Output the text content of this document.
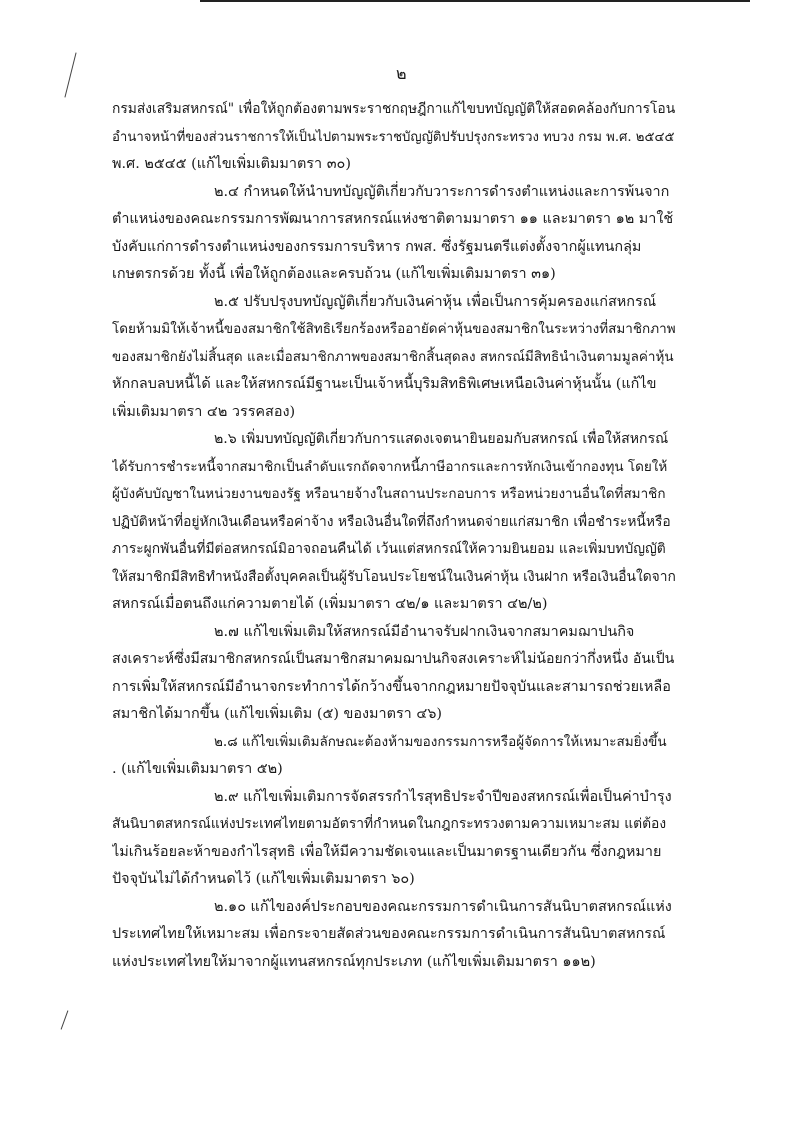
๒
กรมส่งเสริมสหกรณ์" เพื่อให้ถูกต้องตามพระราชกฤษฎีกาแก้ไขบทบัญญัติให้สอดคล้องกับการโอน
อำนาจหน้าที่ของส่วนราชการให้เป็นไปตามพระราชบัญญัติปรับปรุงกระทรวง ทบวง กรม พ.ศ. ๒๕๔๕
พ.ศ. ๒๕๔๕ (แก้ไขเพิ่มเติมมาตรา ๓๐)
๒.๔ กำหนดให้นำบทบัญญัติเกี่ยวกับวาระการดำรงตำแหน่งและการพ้นจาก
ตำแหน่งของคณะกรรมการพัฒนาการสหกรณ์แห่งชาติตามมาตรา ๑๑ และมาตรา ๑๒ มาใช้
บังคับแก่การดำรงตำแหน่งของกรรมการบริหาร กพส. ซึ่งรัฐมนตรีแต่งตั้งจากผู้แทนกลุ่ม
เกษตรกรด้วย ทั้งนี้ เพื่อให้ถูกต้องและครบถ้วน (แก้ไขเพิ่มเติมมาตรา ๓๑)
๒.๕ ปรับปรุงบทบัญญัติเกี่ยวกับเงินค่าหุ้น เพื่อเป็นการคุ้มครองแก่สหกรณ์
โดยห้ามมิให้เจ้าหนี้ของสมาชิกใช้สิทธิเรียกร้องหรืออายัดค่าหุ้นของสมาชิกในระหว่างที่สมาชิกภาพ
ของสมาชิกยังไม่สิ้นสุด และเมื่อสมาชิกภาพของสมาชิกสิ้นสุดลง สหกรณ์มีสิทธินำเงินตามมูลค่าหุ้น
หักกลบลบหนี้ได้ และให้สหกรณ์มีฐานะเป็นเจ้าหนี้บุริมสิทธิพิเศษเหนือเงินค่าหุ้นนั้น (แก้ไข
เพิ่มเติมมาตรา ๔๒ วรรคสอง)
๒.๖ เพิ่มบทบัญญัติเกี่ยวกับการแสดงเจตนายินยอมกับสหกรณ์ เพื่อให้สหกรณ์
ได้รับการชำระหนี้จากสมาชิกเป็นลำดับแรกถัดจากหนี้ภาษีอากรและการหักเงินเข้ากองทุน โดยให้
ผู้บังคับบัญชาในหน่วยงานของรัฐ หรือนายจ้างในสถานประกอบการ หรือหน่วยงานอื่นใดที่สมาชิก
ปฏิบัติหน้าที่อยู่หักเงินเดือนหรือค่าจ้าง หรือเงินอื่นใดที่ถึงกำหนดจ่ายแก่สมาชิก เพื่อชำระหนี้หรือ
ภาระผูกพันอื่นที่มีต่อสหกรณ์มิอาจถอนคืนได้ เว้นแต่สหกรณ์ให้ความยินยอม และเพิ่มบทบัญญัติ
ให้สมาชิกมีสิทธิทำหนังสือตั้งบุคคลเป็นผู้รับโอนประโยชน์ในเงินค่าหุ้น เงินฝาก หรือเงินอื่นใดจาก
สหกรณ์เมื่อตนถึงแก่ความตายได้ (เพิ่มมาตรา ๔๒/๑ และมาตรา ๔๒/๒)
๒.๗ แก้ไขเพิ่มเติมให้สหกรณ์มีอำนาจรับฝากเงินจากสมาคมฌาปนกิจ
สงเคราะห์ซึ่งมีสมาชิกสหกรณ์เป็นสมาชิกสมาคมฌาปนกิจสงเคราะห์ไม่น้อยกว่ากึ่งหนึ่ง อันเป็น
การเพิ่มให้สหกรณ์มีอำนาจกระทำการได้กว้างขึ้นจากกฎหมายปัจจุบันและสามารถช่วยเหลือ
สมาชิกได้มากขึ้น (แก้ไขเพิ่มเติม (๕) ของมาตรา ๔๖)
๒.๘ แก้ไขเพิ่มเติมลักษณะต้องห้ามของกรรมการหรือผู้จัดการให้เหมาะสมยิ่งขึ้น
. (แก้ไขเพิ่มเติมมาตรา ๕๒)
๒.๙ แก้ไขเพิ่มเติมการจัดสรรกำไรสุทธิประจำปีของสหกรณ์เพื่อเป็นค่าบำรุง
สันนิบาตสหกรณ์แห่งประเทศไทยตามอัตราที่กำหนดในกฎกระทรวงตามความเหมาะสม แต่ต้อง
ไม่เกินร้อยละห้าของกำไรสุทธิ เพื่อให้มีความชัดเจนและเป็นมาตรฐานเดียวกัน ซึ่งกฎหมาย
ปัจจุบันไม่ได้กำหนดไว้ (แก้ไขเพิ่มเติมมาตรา ๖๐)
๒.๑๐ แก้ไของค์ประกอบของคณะกรรมการดำเนินการสันนิบาตสหกรณ์แห่ง
ประเทศไทยให้เหมาะสม เพื่อกระจายสัดส่วนของคณะกรรมการดำเนินการสันนิบาตสหกรณ์
แห่งประเทศไทยให้มาจากผู้แทนสหกรณ์ทุกประเภท (แก้ไขเพิ่มเติมมาตรา ๑๑๒)
